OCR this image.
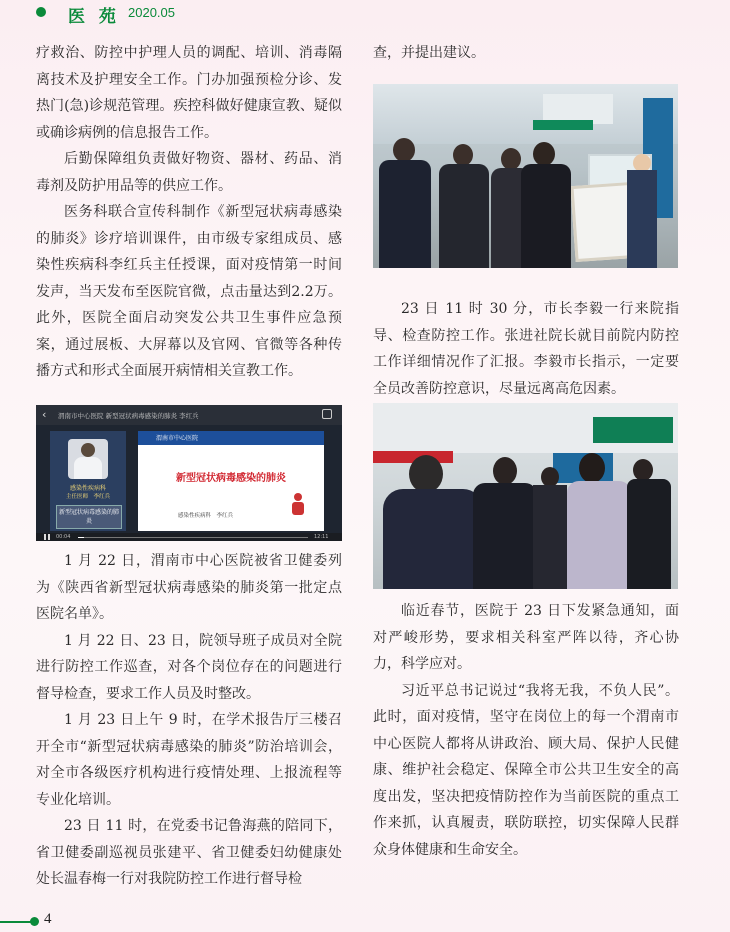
医 苑 2020.05

疗救治、防控中护理人员的调配、培训、消毒隔离技术及护理安全工作。门办加强预检分诊、发热门(急)诊规范管理。疾控科做好健康宣教、疑似或确诊病例的信息报告工作。

后勤保障组负责做好物资、器材、药品、消毒剂及防护用品等的供应工作。

医务科联合宣传科制作《新型冠状病毒感染的肺炎》诊疗培训课件，由市级专家组成员、感染性疾病科李红兵主任授课，面对疫情第一时间发声，当天发布至医院官微，点击量达到2.2万。此外，医院全面启动突发公共卫生事件应急预案，通过展板、大屏幕以及官网、官微等各种传播方式和形式全面展开病情相关宣教工作。

‹ 渭南市中心医院 新型冠状病毒感染的肺炎 李红兵
感染性疾病科
主任医师　李红兵
新型冠状病毒感染的肺炎
渭南市中心医院
新型冠状病毒感染的肺炎
感染性疾病科　李红兵
00:04	12:11

1 月 22 日，渭南市中心医院被省卫健委列为《陕西省新型冠状病毒感染的肺炎第一批定点医院名单》。

1 月 22 日、23 日，院领导班子成员对全院进行防控工作巡查，对各个岗位存在的问题进行督导检查，要求工作人员及时整改。

1 月 23 日上午 9 时，在学术报告厅三楼召开全市“新型冠状病毒感染的肺炎”防治培训会，对全市各级医疗机构进行疫情处理、上报流程等专业化培训。

23 日 11 时，在党委书记鲁海燕的陪同下，省卫健委副巡视员张建平、省卫健委妇幼健康处处长温春梅一行对我院防控工作进行督导检

查，并提出建议。

23 日 11 时 30 分，市长李毅一行来院指导、检查防控工作。张进社院长就目前院内防控工作详细情况作了汇报。李毅市长指示，一定要全员改善防控意识，尽量远离高危因素。

临近春节，医院于 23 日下发紧急通知，面对严峻形势，要求相关科室严阵以待，齐心协力，科学应对。

习近平总书记说过“我将无我，不负人民”。此时，面对疫情，坚守在岗位上的每一个渭南市中心医院人都将从讲政治、顾大局、保护人民健康、维护社会稳定、保障全市公共卫生安全的高度出发，坚决把疫情防控作为当前医院的重点工作来抓，认真履责，联防联控，切实保障人民群众身体健康和生命安全。

4
